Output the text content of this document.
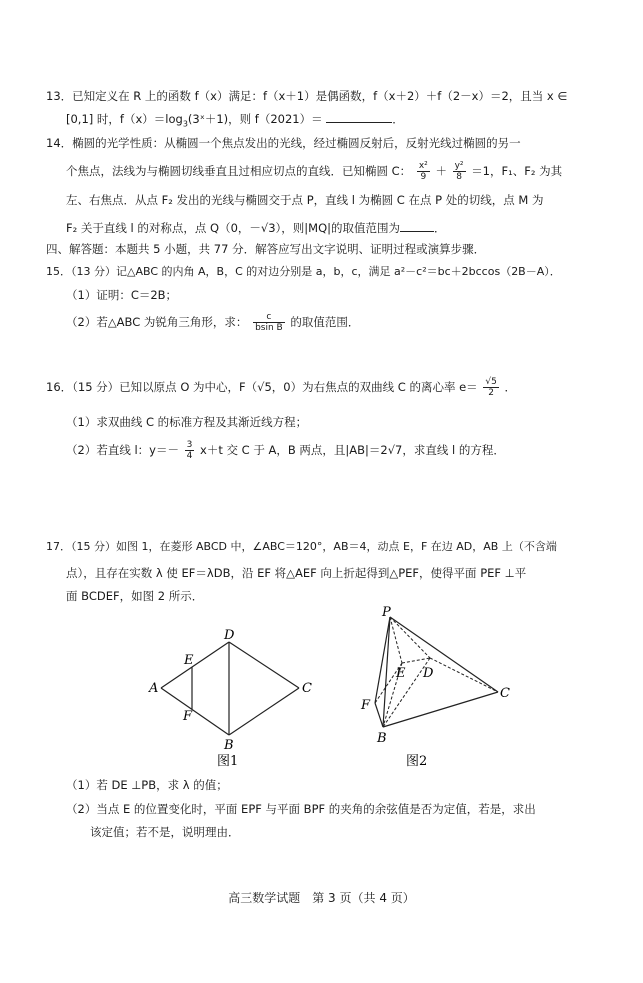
13．已知定义在 R 上的函数 f（x）满足：f（x＋1）是偶函数，f（x＋2）＋f（2－x）＝2，且当 x ∈
[0,1] 时，$f(x)=\log_3(3ˣ+1)$，则 f（2021）＝	．
14．椭圆的光学性质：从椭圆一个焦点发出的光线，经过椭圆反射后，反射光线过椭圆的另一
个焦点，法线为与椭圆切线垂直且过相应切点的直线．已知椭圆 C： $\frac{\text{x²}}{9} + \frac{\text{y²}}{8} =1$，F₁、F₂ 为其
左、右焦点．从点 F₂ 发出的光线与椭圆交于点 P，直线 l 为椭圆 C 在点 P 处的切线，点 M 为
F₂ 关于直线 l 的对称点，点 Q（0，－√3），则|MQ|的取值范围为	．
四、解答题：本题共 5 小题，共 77 分．解答应写出文字说明、证明过程或演算步骤．
15．（13 分）记△ABC 的内角 A，B，C 的对边分别是 a，b，c，满足 a²－c²＝bc＋2bccos（2B－A）．
（1）证明：C＝2B；
（2）若△ABC 为锐角三角形，求： $\frac{c}{\text{bsin B}}$ 的取值范围．
16．（15 分）已知以原点 O 为中心，F（√5，0）为右焦点的双曲线 C 的离心率 $e= \frac{√5}{2}$ ．
（1）求双曲线 C 的标准方程及其渐近线方程；
（2）若直线 l：$y=- \frac{3}{4} x+t$ 交 C 于 A，B 两点，且|AB|＝2√7，求直线 l 的方程．
17．（15 分）如图 1，在菱形 ABCD 中，∠ABC＝120°，AB＝4，动点 E，F 在边 AD，AB 上（不含端
点），且存在实数 λ 使 EF＝λDB，沿 EF 将△AEF 向上折起得到△PEF，使得平面 PEF ⊥平
面 BCDEF，如图 2 所示．
A
D
C
B
E
F
图1
P
E D
C
F
B
图2
（1）若 DE ⊥PB，求 λ 的值；
（2）当点 E 的位置变化时，平面 EPF 与平面 BPF 的夹角的余弦值是否为定值，若是，求出
该定值；若不是，说明理由．
高三数学试题　第 3 页（共 4 页）
